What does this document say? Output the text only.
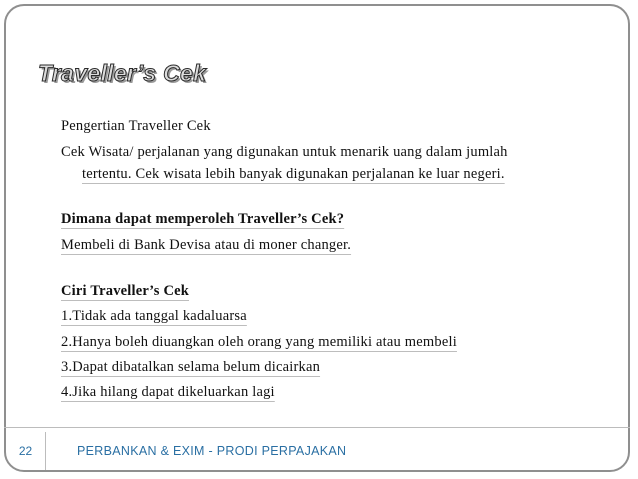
Traveller’s Cek
Pengertian Traveller Cek
Cek Wisata/ perjalanan yang digunakan untuk menarik uang dalam jumlah
tertentu. Cek wisata lebih banyak digunakan perjalanan ke luar negeri.
Dimana dapat memperoleh Traveller’s Cek?
Membeli di Bank Devisa atau di moner changer.
Ciri Traveller’s Cek
1.Tidak ada tanggal kadaluarsa
2.Hanya boleh diuangkan oleh orang yang memiliki atau membeli
3.Dapat dibatalkan selama belum dicairkan
4.Jika hilang dapat dikeluarkan lagi
22	PERBANKAN & EXIM - PRODI PERPAJAKAN
